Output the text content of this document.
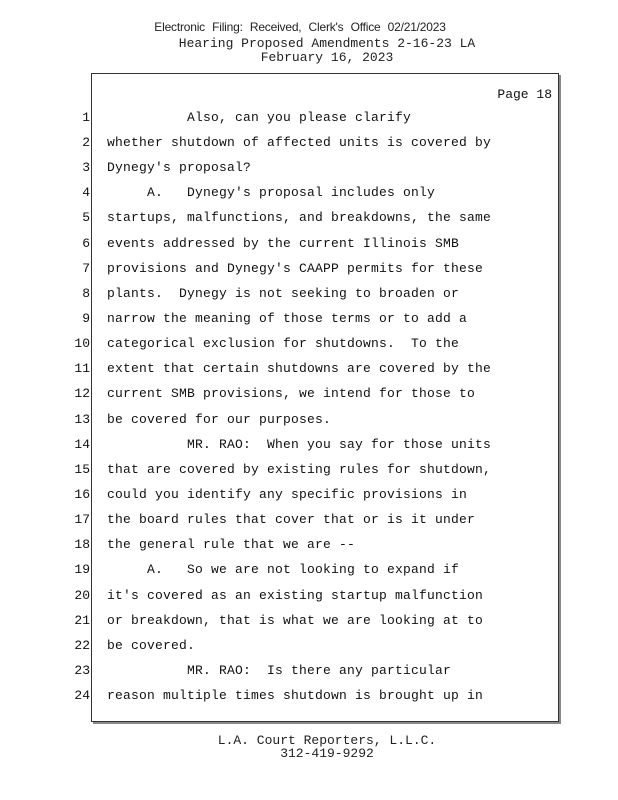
Electronic Filing: Received, Clerk's Office 02/21/2023
Hearing Proposed Amendments 2-16-23 LA
February 16, 2023
Page 18
1 Also, can you please clarify
2 whether shutdown of affected units is covered by
3 Dynegy's proposal?
4 A.   Dynegy's proposal includes only
5 startups, malfunctions, and breakdowns, the same
6 events addressed by the current Illinois SMB
7 provisions and Dynegy's CAAPP permits for these
8 plants.  Dynegy is not seeking to broaden or
9 narrow the meaning of those terms or to add a
10 categorical exclusion for shutdowns.  To the
11 extent that certain shutdowns are covered by the
12 current SMB provisions, we intend for those to
13 be covered for our purposes.
14 MR. RAO:  When you say for those units
15 that are covered by existing rules for shutdown,
16 could you identify any specific provisions in
17 the board rules that cover that or is it under
18 the general rule that we are --
19 A.   So we are not looking to expand if
20 it's covered as an existing startup malfunction
21 or breakdown, that is what we are looking at to
22 be covered.
23 MR. RAO:  Is there any particular
24 reason multiple times shutdown is brought up in
L.A. Court Reporters, L.L.C.
312-419-9292
